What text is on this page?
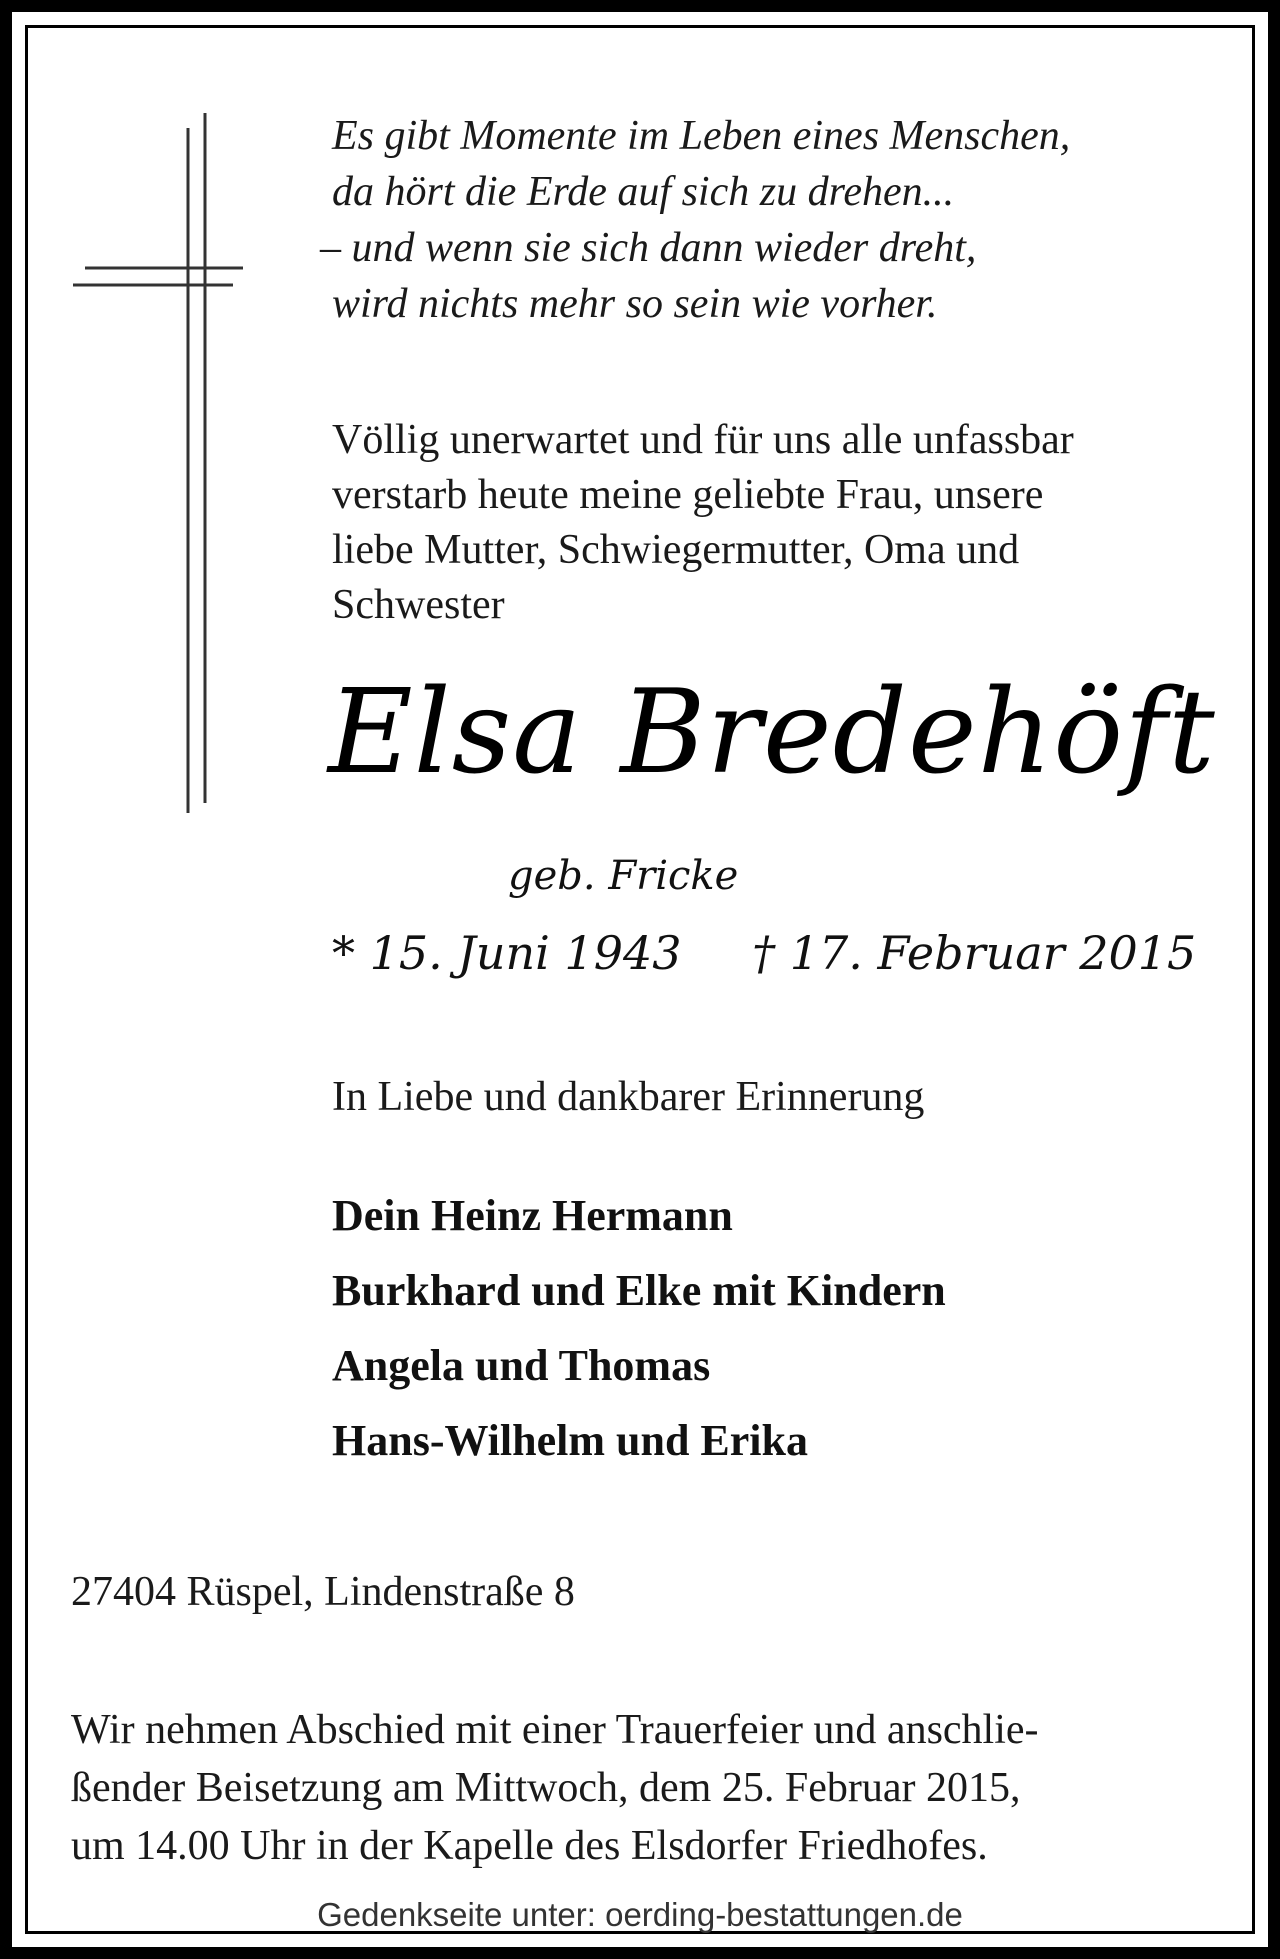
Es gibt Momente im Leben eines Menschen,
da hört die Erde auf sich zu drehen...
– und wenn sie sich dann wieder dreht,
wird nichts mehr so sein wie vorher.
Völlig unerwartet und für uns alle unfassbar
verstarb heute meine geliebte Frau, unsere
liebe Mutter, Schwiegermutter, Oma und
Schwester
Elsa Bredehöft
geb. Fricke
* 15. Juni 1943 † 17. Februar 2015
In Liebe und dankbarer Erinnerung
Dein Heinz Hermann
Burkhard und Elke mit Kindern
Angela und Thomas
Hans-Wilhelm und Erika
27404 Rüspel, Lindenstraße 8
Wir nehmen Abschied mit einer Trauerfeier und anschlie-
ßender Beisetzung am Mittwoch, dem 25. Februar 2015,
um 14.00 Uhr in der Kapelle des Elsdorfer Friedhofes.
Gedenkseite unter: oerding-bestattungen.de
